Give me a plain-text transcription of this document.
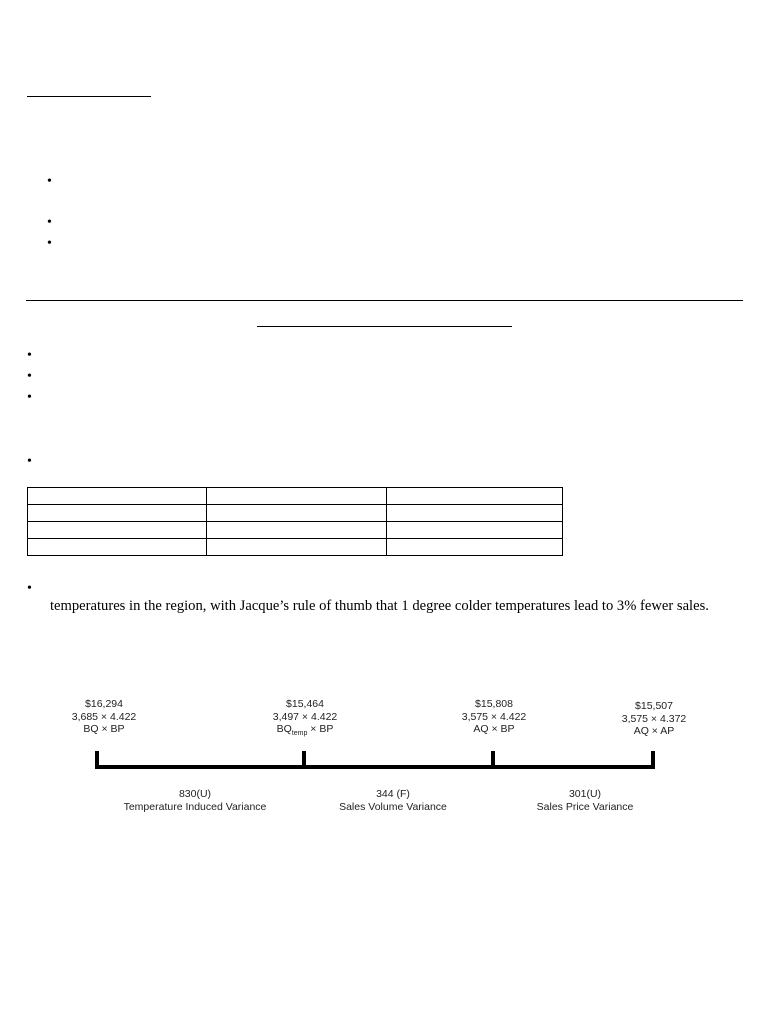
•
•
•
•
•
•
•

•
temperatures in the region, with Jacque’s rule of thumb that 1 degree colder temperatures lead to 3% fewer sales.
$16,294
3,685 × 4.422
BQ × BP
$15,464
3,497 × 4.422
$BQ_{temp}$ × BP
$15,808
3,575 × 4.422
AQ × BP
$15,507
3,575 × 4.372
AQ × AP
830(U)
Temperature Induced Variance
344 (F)
Sales Volume Variance
301(U)
Sales Price Variance
